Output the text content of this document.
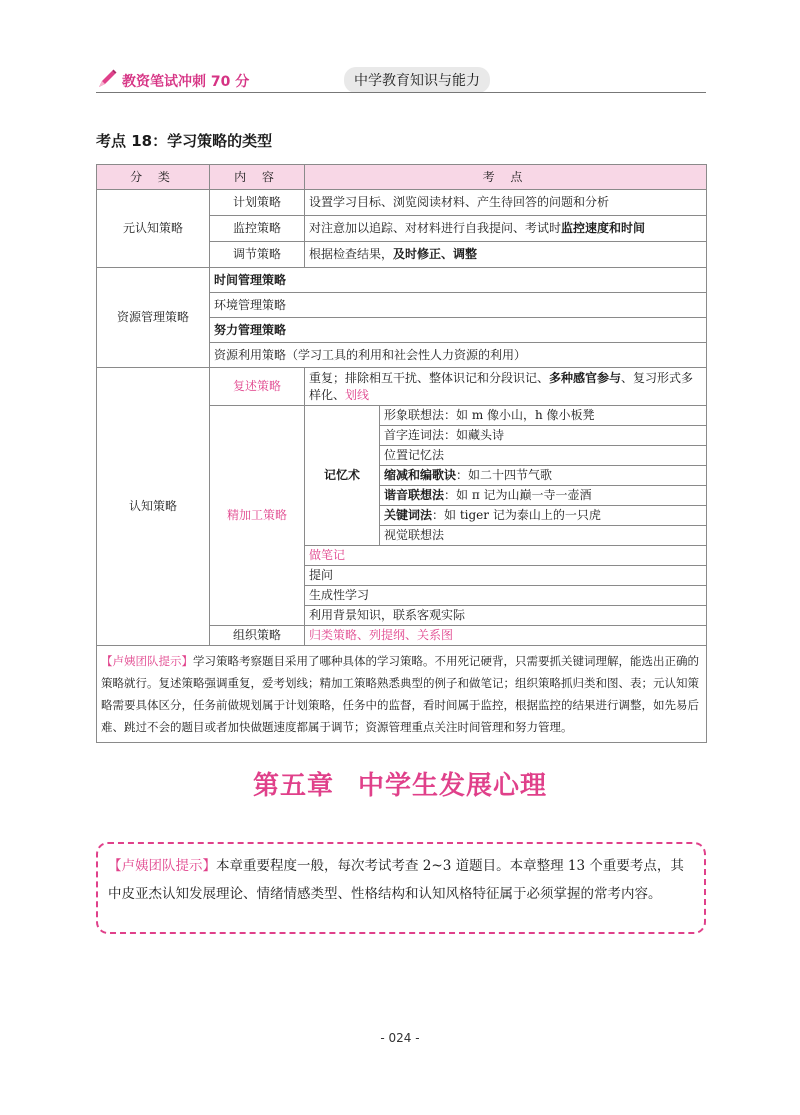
教资笔试冲刺 70 分	中学教育知识与能力
考点 18：学习策略的类型
分 类	内 容	考 点	
元认知策略	计划策略	设置学习目标、浏览阅读材料、产生待回答的问题和分析	
	监控策略	对注意加以追踪、对材料进行自我提问、考试时监控速度和时间	
	调节策略	根据检查结果，及时修正、调整	
资源管理策略	时间管理策略		
	环境管理策略		
	努力管理策略		
	资源利用策略（学习工具的利用和社会性人力资源的利用）		
认知策略	复述策略	重复；排除相互干扰、整体识记和分段识记、多种感官参与、复习形式多样化、划线	
	精加工策略	记忆术	形象联想法：如 m 像小山，h 像小板凳
			首字连词法：如藏头诗
			位置记忆法
			缩减和编歌诀：如二十四节气歌
			谐音联想法：如 π 记为山巅一寺一壶酒
			关键词法：如 tiger 记为泰山上的一只虎
			视觉联想法
		做笔记	
		提问	
		生成性学习	
		利用背景知识，联系客观实际	

	组织策略	归类策略、列提纲、关系图	
【卢姨团队提示】学习策略考察题目采用了哪种具体的学习策略。不用死记硬背，只需要抓关键词理解，能选出正确的策略就行。复述策略强调重复，爱考划线；精加工策略熟悉典型的例子和做笔记；组织策略抓归类和图、表；元认知策略需要具体区分，任务前做规划属于计划策略，任务中的监督，看时间属于监控，根据监控的结果进行调整，如先易后难、跳过不会的题目或者加快做题速度都属于调节；资源管理重点关注时间管理和努力管理。			
第五章 中学生发展心理
【卢姨团队提示】本章重要程度一般，每次考试考查 2~3 道题目。本章整理 13 个重要考点，其中皮亚杰认知发展理论、情绪情感类型、性格结构和认知风格特征属于必须掌握的常考内容。
- 024 -
